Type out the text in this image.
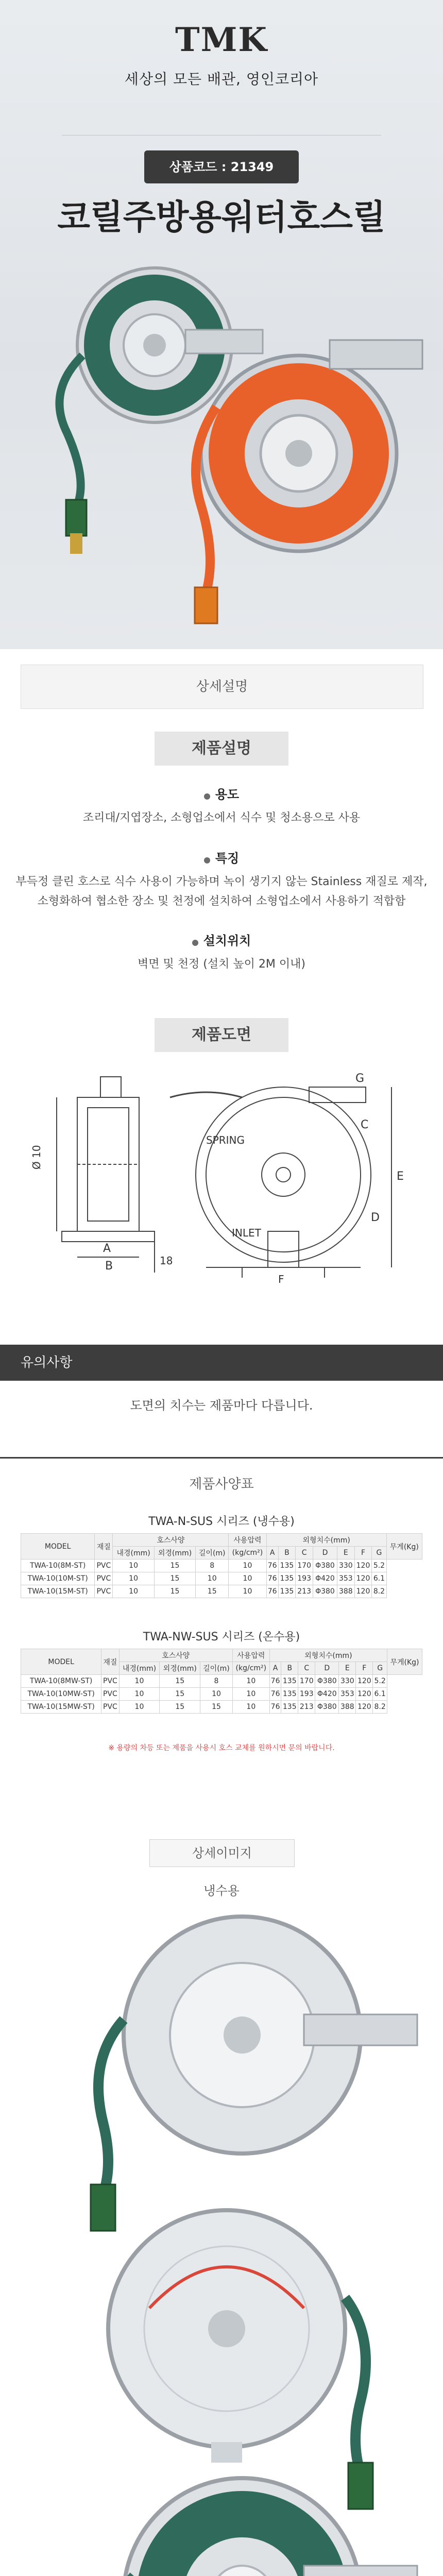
TMK
세상의 모든 배관, 영인코리아
상품코드 : 21349
코릴주방용워터호스릴
상세설명
제품설명
용도
조리대/지엽장소, 소형업소에서 식수 및 청소용으로 사용
특징
부득정 클린 호스로 식수 사용이 가능하며 녹이 생기지 않는 Stainless 재질로 제작,
소형화하여 협소한 장소 및 천정에 설치하여 소형업소에서 사용하기 적합함
설치위치
벽면 및 천정 (설치 높이 2M 이내)
제품도면
Ø 10
A
B	18
SPRING
INLET
F
E
G
C
D
유의사항
도면의 치수는 제품마다 다릅니다.
제품사양표
TWA-N-SUS 시리즈 (냉수용)
MODEL	재질	호스사양			사용압력	외형치수(mm)							무게(Kg)
		내경(mm)	외경(mm)	길이(m)	(kg/cm²)	A	B	C	D	E	F	G	
TWA-10(8M-ST)	PVC	10	15	8	10	76	135	170	Φ380	330	120	5.2	
TWA-10(10M-ST)	PVC	10	15	10	10	76	135	193	Φ420	353	120	6.1	
TWA-10(15M-ST)	PVC	10	15	15	10	76	135	213	Φ380	388	120	8.2	
TWA-NW-SUS 시리즈 (온수용)
MODEL	재질	호스사양			사용압력	외형치수(mm)							무게(Kg)
		내경(mm)	외경(mm)	길이(m)	(kg/cm²)	A	B	C	D	E	F	G	
TWA-10(8MW-ST)	PVC	10	15	8	10	76	135	170	Φ380	330	120	5.2	
TWA-10(10MW-ST)	PVC	10	15	10	10	76	135	193	Φ420	353	120	6.1	
TWA-10(15MW-ST)	PVC	10	15	15	10	76	135	213	Φ380	388	120	8.2	
※ 용량의 차등 또는 제품을 사용시 호스 교체를 원하시면 문의 바랍니다.
상세이미지
냉수용
